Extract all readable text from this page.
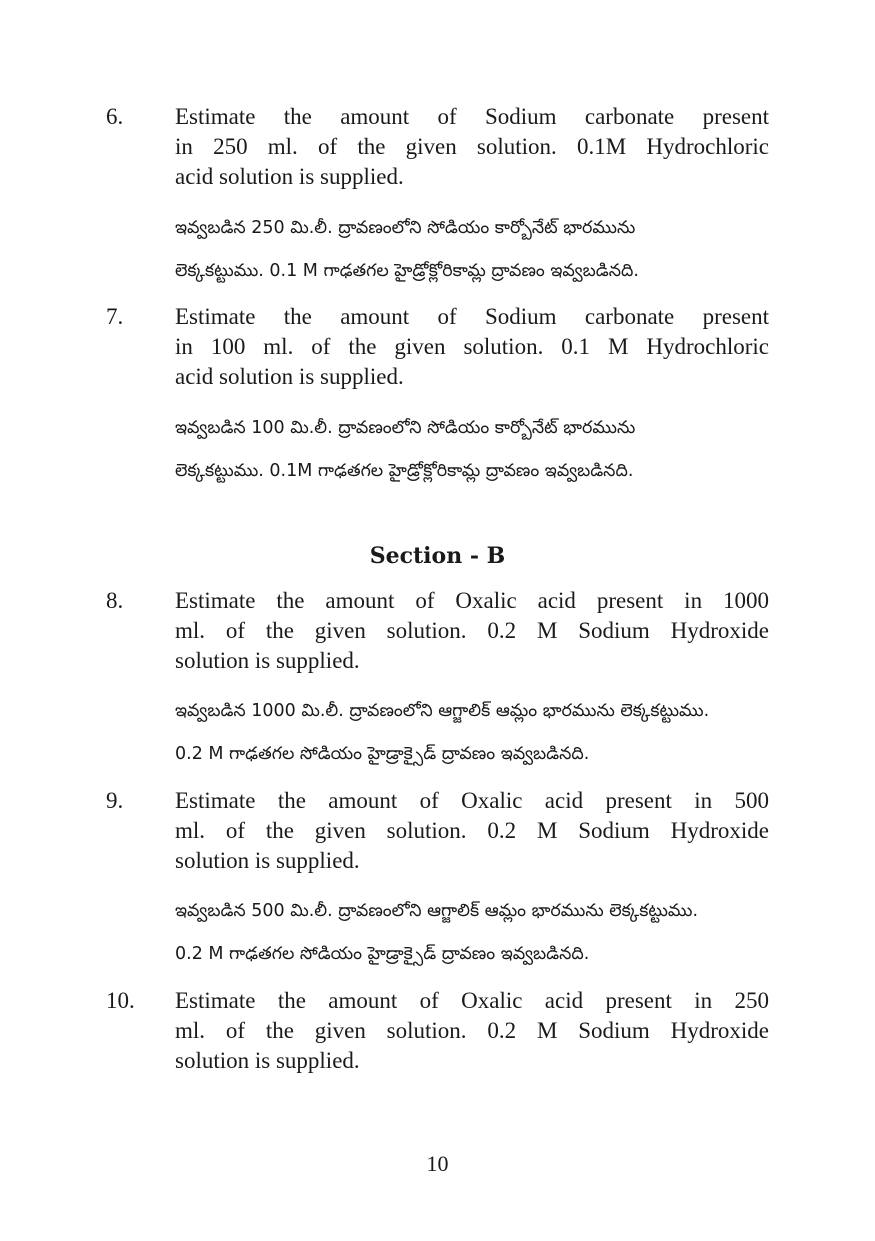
6. Estimate the amount of Sodium carbonate present
in 250 ml. of the given solution. 0.1M Hydrochloric
acid solution is supplied.
ఇవ్వబడిన 250 మి.లీ. ద్రావణంలోని సోడియం కార్బోనేట్ భారమును
లెక్కకట్టుము. 0.1 M గాఢతగల హైడ్రోక్లోరికామ్ల ద్రావణం ఇవ్వబడినది.
7. Estimate the amount of Sodium carbonate present
in 100 ml. of the given solution. 0.1 M Hydrochloric
acid solution is supplied.
ఇవ్వబడిన 100 మి.లీ. ద్రావణంలోని సోడియం కార్బోనేట్ భారమును
లెక్కకట్టుము. 0.1M గాఢతగల హైడ్రోక్లోరికామ్ల ద్రావణం ఇవ్వబడినది.
Section - B
8. Estimate the amount of Oxalic acid present in 1000
ml. of the given solution. 0.2 M Sodium Hydroxide
solution is supplied.
ఇవ్వబడిన 1000 మి.లీ. ద్రావణంలోని ఆగ్జాలిక్ ఆమ్లం భారమును లెక్కకట్టుము.
0.2 M గాఢతగల సోడియం హైడ్రాక్సైడ్ ద్రావణం ఇవ్వబడినది.
9. Estimate the amount of Oxalic acid present in 500
ml. of the given solution. 0.2 M Sodium Hydroxide
solution is supplied.
ఇవ్వబడిన 500 మి.లీ. ద్రావణంలోని ఆగ్జాలిక్ ఆమ్లం భారమును లెక్కకట్టుము.
0.2 M గాఢతగల సోడియం హైడ్రాక్సైడ్ ద్రావణం ఇవ్వబడినది.
10. Estimate the amount of Oxalic acid present in 250
ml. of the given solution. 0.2 M Sodium Hydroxide
solution is supplied.
10
